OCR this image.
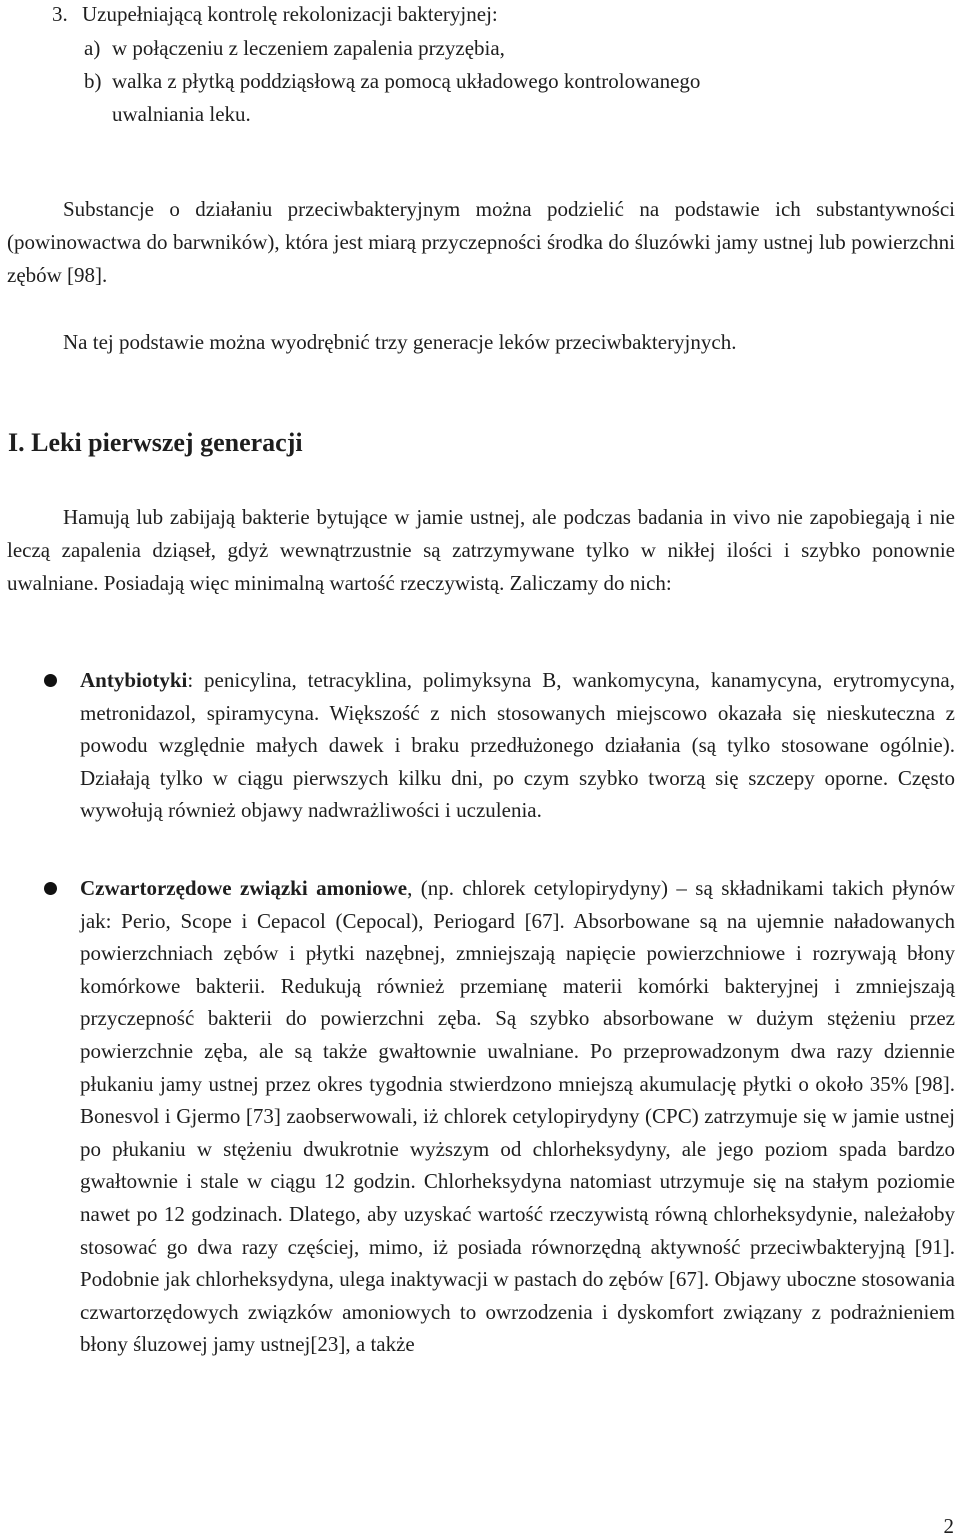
3. Uzupełniającą kontrolę rekolonizacji bakteryjnej:
a) w połączeniu z leczeniem zapalenia przyzębia,
b) walka z płytką poddziąsłową za pomocą układowego kontrolowanego
uwalniania leku.

Substancje o działaniu przeciwbakteryjnym można podzielić na podstawie ich substantywności (powinowactwa do barwników), która jest miarą przyczepności środka do śluzówki jamy ustnej lub powierzchni zębów [98].

Na tej podstawie można wyodrębnić trzy generacje leków przeciwbakteryjnych.

I. Leki pierwszej generacji

Hamują lub zabijają bakterie bytujące w jamie ustnej, ale podczas badania in vivo nie zapobiegają i nie leczą zapalenia dziąseł, gdyż wewnątrzustnie są zatrzymywane tylko w nikłej ilości i szybko ponownie uwalniane. Posiadają więc minimalną wartość rzeczywistą. Zaliczamy do nich:

Antybiotyki: penicylina, tetracyklina, polimyksyna B, wankomycyna, kanamycyna, erytromycyna, metronidazol, spiramycyna. Większość z nich stosowanych miejscowo okazała się nieskuteczna z powodu względnie małych dawek i braku przedłużonego działania (są tylko stosowane ogólnie). Działają tylko w ciągu pierwszych kilku dni, po czym szybko tworzą się szczepy oporne. Często wywołują również objawy nadwrażliwości i uczulenia.

Czwartorzędowe związki amoniowe, (np. chlorek cetylopirydyny) – są składnikami takich płynów jak: Perio, Scope i Cepacol (Cepocal), Periogard [67]. Absorbowane są na ujemnie naładowanych powierzchniach zębów i płytki nazębnej, zmniejszają napięcie powierzchniowe i rozrywają błony komórkowe bakterii. Redukują również przemianę materii komórki bakteryjnej i zmniejszają przyczepność bakterii do powierzchni zęba. Są szybko absorbowane w dużym stężeniu przez powierzchnie zęba, ale są także gwałtownie uwalniane. Po przeprowadzonym dwa razy dziennie płukaniu jamy ustnej przez okres tygodnia stwierdzono mniejszą akumulację płytki o około 35% [98]. Bonesvol i Gjermo [73] zaobserwowali, iż chlorek cetylopirydyny (CPC) zatrzymuje się w jamie ustnej po płukaniu w stężeniu dwukrotnie wyższym od chlorheksydyny, ale jego poziom spada bardzo gwałtownie i stale w ciągu 12 godzin. Chlorheksydyna natomiast utrzymuje się na stałym poziomie nawet po 12 godzinach. Dlatego, aby uzyskać wartość rzeczywistą równą chlorheksydynie, należałoby stosować go dwa razy częściej, mimo, iż posiada równorzędną aktywność przeciwbakteryjną [91]. Podobnie jak chlorheksydyna, ulega inaktywacji w pastach do zębów [67]. Objawy uboczne stosowania czwartorzędowych związków amoniowych to owrzodzenia i dyskomfort związany z podrażnieniem błony śluzowej jamy ustnej[23], a także

2
